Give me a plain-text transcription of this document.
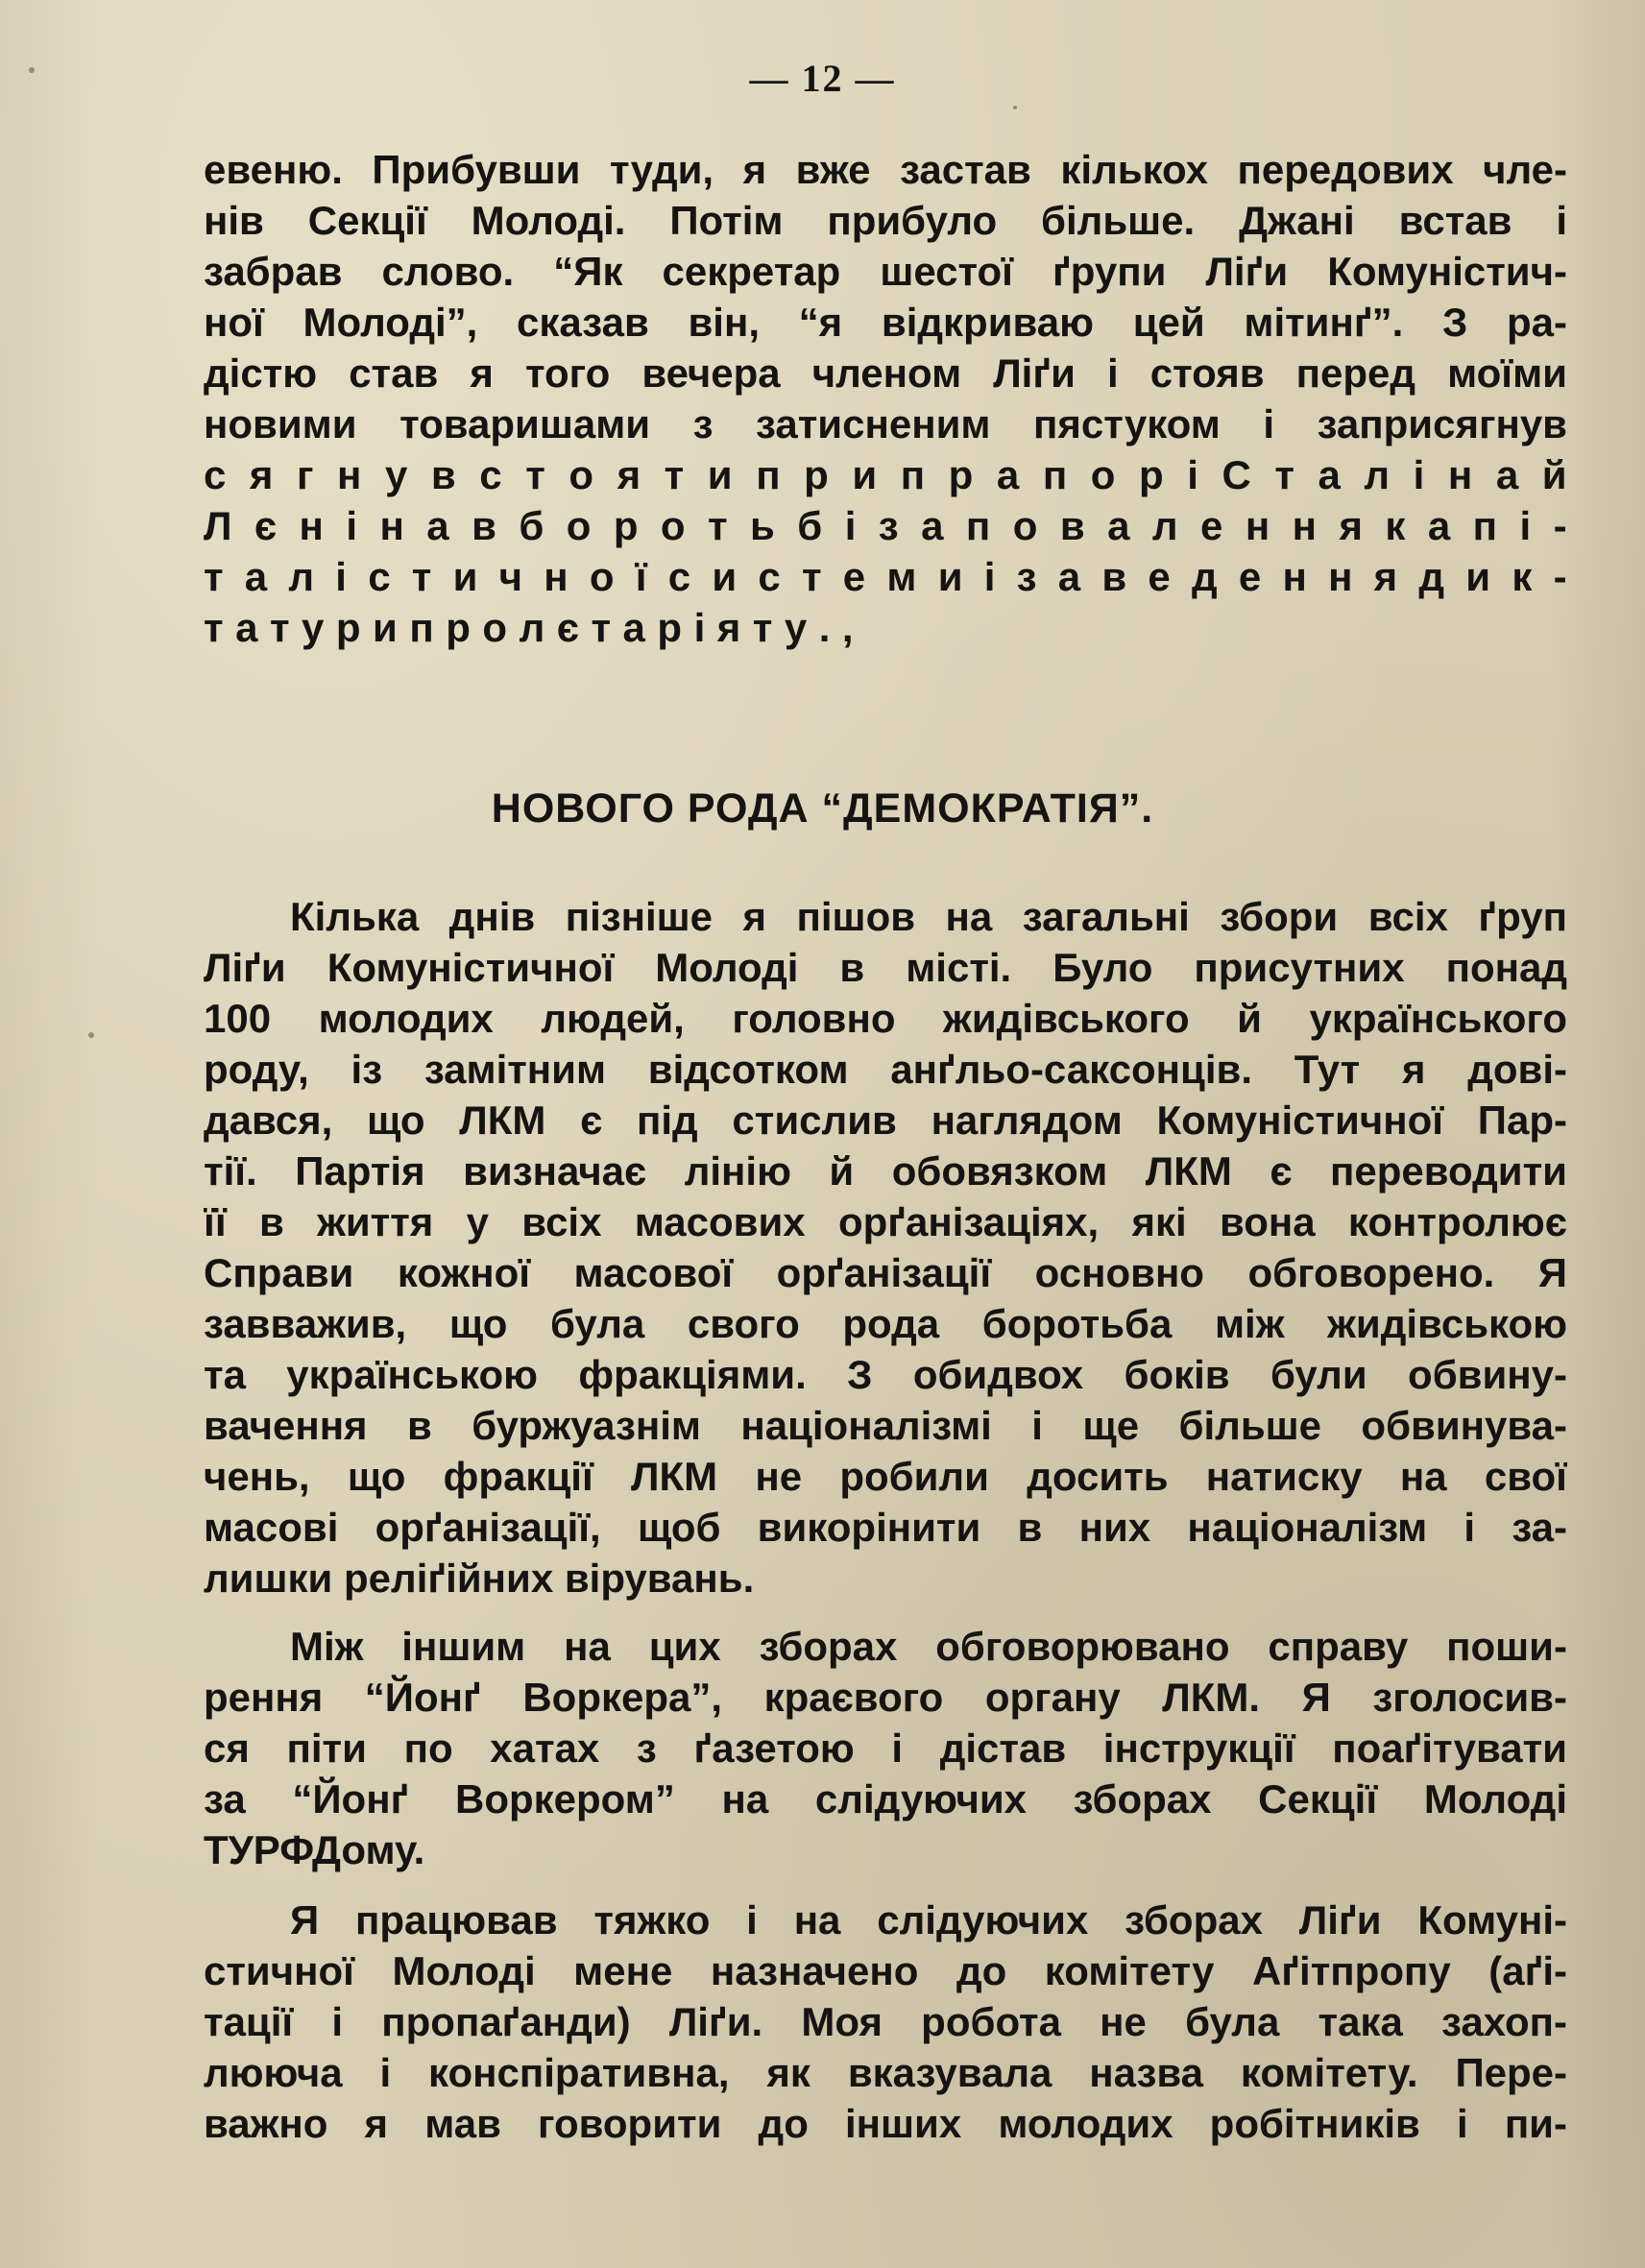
— 12 —
евеню. Прибувши туди, я вже застав кількох передових чле-
нів Секції Молоді. Потім прибуло більше. Джані встав і
забрав слово. “Як секретар шестої ґрупи Ліґи Комуністич-
ної Молоді”, сказав він, “я відкриваю цей мітинґ”. З ра-
дістю став я того вечера членом Ліґи і стояв перед моїми
новими товаришами з затисненим пястуком і заприсягнув
с я г н у в с т о я т и п р и п р а п о р і С т а л і н а й
Л є н і н а в б о р о т ь б і з а п о в а л е н н я к а п і -
т а л і с т и ч н о ї с и с т е м и і з а в е д е н н я д и к -
т а т у р и п р о л є т а р і я т у . ,
НОВОГО РОДА “ДЕМОКРАТІЯ”.
Кілька днів пізніше я пішов на загальні збори всіх ґруп
Ліґи Комуністичної Молоді в місті. Було присутних понад
100 молодих людей, головно жидівського й українського
роду, із замітним відсотком анґльо-саксонців. Тут я дові-
дався, що ЛКМ є під стислив наглядом Комуністичної Пар-
тії. Партія визначає лінію й обовязком ЛКМ є переводити
її в життя у всіх масових орґанізаціях, які вона контролює
Справи кожної масової орґанізації основно обговорено. Я
завважив, що була свого рода боротьба між жидівською
та українською фракціями. З обидвох боків були обвину-
вачення в буржуазнім націоналізмі і ще більше обвинува-
чень, що фракції ЛКМ не робили досить натиску на свої
масові орґанізації, щоб викорінити в них націоналізм і за-
лишки реліґійних вірувань.
Між іншим на цих зборах обговорювано справу поши-
рення “Йонґ Воркера”, краєвого органу ЛКМ. Я зголосив-
ся піти по хатах з ґазетою і дістав інструкції поаґітувати
за “Йонґ Воркером” на слідуючих зборах Секції Молоді
ТУРФДому.
Я працював тяжко і на слідуючих зборах Ліґи Комуні-
стичної Молоді мене назначено до комітету Аґітпропу (аґі-
тації і пропаґанди) Ліґи. Моя робота не була така захоп-
лююча і конспіративна, як вказувала назва комітету. Пере-
важно я мав говорити до інших молодих робітників і пи-
